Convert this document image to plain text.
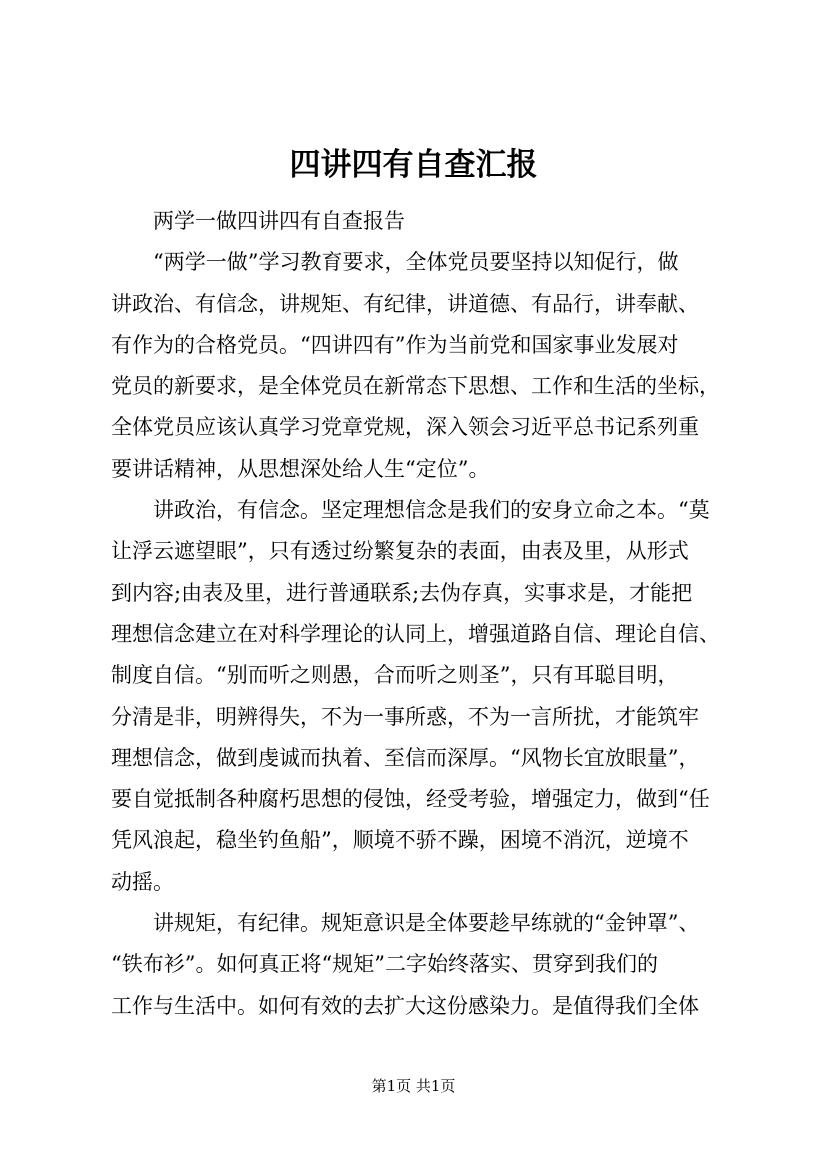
四讲四有自查汇报
　　两学一做四讲四有自查报告
　　“两学一做”学习教育要求，全体党员要坚持以知促行，做
讲政治、有信念，讲规矩、有纪律，讲道德、有品行，讲奉献、
有作为的合格党员。“四讲四有”作为当前党和国家事业发展对
党员的新要求，是全体党员在新常态下思想、工作和生活的坐标，
全体党员应该认真学习党章党规，深入领会习近平总书记系列重
要讲话精神，从思想深处给人生“定位”。
　　讲政治，有信念。坚定理想信念是我们的安身立命之本。“莫
让浮云遮望眼”，只有透过纷繁复杂的表面，由表及里，从形式
到内容;由表及里，进行普通联系;去伪存真，实事求是，才能把
理想信念建立在对科学理论的认同上，增强道路自信、理论自信、
制度自信。“别而听之则愚，合而听之则圣”，只有耳聪目明，
分清是非，明辨得失，不为一事所惑，不为一言所扰，才能筑牢
理想信念，做到虔诚而执着、至信而深厚。“风物长宜放眼量”，
要自觉抵制各种腐朽思想的侵蚀，经受考验，增强定力，做到“任
凭风浪起，稳坐钓鱼船”，顺境不骄不躁，困境不消沉，逆境不
动摇。
　　讲规矩，有纪律。规矩意识是全体要趁早练就的“金钟罩”、
“铁布衫”。如何真正将“规矩”二字始终落实、贯穿到我们的
工作与生活中。如何有效的去扩大这份感染力。是值得我们全体
第1页 共1页
